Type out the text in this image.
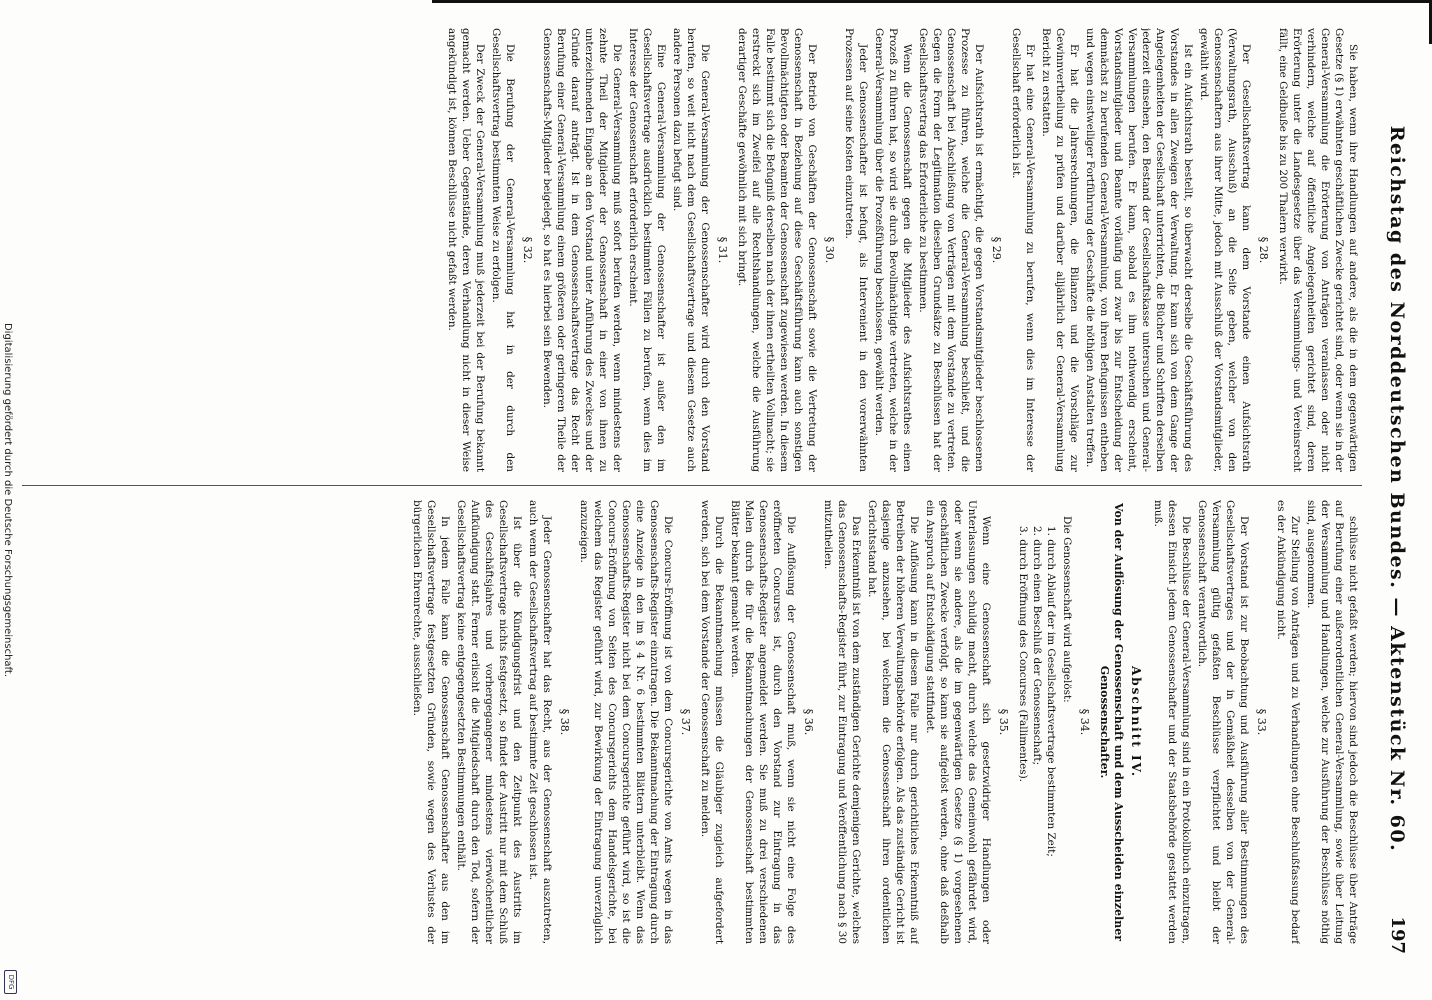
Reichstag des Norddeutschen Bundes. — Aktenstück Nr. 60.
197

Sie haben, wenn ihre Handlungen auf andere, als die in dem gegenwärtigen Gesetze (§ 1) erwähnten geschäftlichen Zwecke gerichtet sind, oder wenn sie in der General-Versammlung die Erörterung von Anträgen veranlassen oder nicht verhindern, welche auf öffentliche Angelegenheiten gerichtet sind, deren Erörterung unter die Landesgesetze über das Versammlungs- und Vereinsrecht fällt, eine Geldbuße bis zu 200 Thalern verwirkt.

§ 28.

Der Gesellschaftsvertrag kann dem Vorstande einen Aufsichtsrath (Verwaltungsrath, Ausschuß) an die Seite geben, welcher von den Genossenschaftern aus ihrer Mitte, jedoch mit Ausschluß der Vorstandsmitglieder, gewählt wird.

Ist ein Aufsichtsrath bestellt, so überwacht derselbe die Geschäftsführung des Vorstandes in allen Zweigen der Verwaltung. Er kann sich von dem Gange der Angelegenheiten der Gesellschaft unterrichten, die Bücher und Schriften derselben jederzeit einsehen, den Bestand der Gesellschaftskasse untersuchen und General-Versammlungen berufen. Er kann, sobald es ihm nothwendig erscheint, Vorstandsmitglieder und Beamte vorläufig und zwar bis zur Entscheidung der demnächst zu berufenden General-Versammlung, von ihren Befugnissen entheben und wegen einstweiliger Fortführung der Geschäfte die nöthigen Anstalten treffen.

Er hat die Jahresrechnungen, die Bilanzen und die Vorschläge zur Gewinnvertheilung zu prüfen und darüber alljährlich der General-Versammlung Bericht zu erstatten.

Er hat eine General-Versammlung zu berufen, wenn dies im Interesse der Gesellschaft erforderlich ist.

§ 29.

Der Aufsichtsrath ist ermächtigt, die gegen Vorstandsmitglieder beschlossenen Prozesse zu führen, welche die General-Versammlung beschließt, und die Genossenschaft bei Abschließung von Verträgen mit dem Vorstande zu vertreten. Gegen die Form der Legitimation dieselben Grundsätze zu Beschlüssen hat der Gesellschaftsvertrag das Erforderliche zu bestimmen.

Wenn die Genossenschaft gegen die Mitglieder des Aufsichtsrathes einen Prozeß zu führen hat, so wird sie durch Bevollmächtigte vertreten, welche in der General-Versammlung über die Prozeßführung beschlossen, gewählt werden.

Jeder Genossenschafter ist befugt, als Intervenient in den vorerwähnten Prozessen auf seine Kosten einzutreten.

§ 30.

Der Betrieb von Geschäften der Genossenschaft sowie die Vertretung der Genossenschaft in Beziehung auf diese Geschäftsführung kann auch sonstigen Bevollmächtigten oder Beamten der Genossenschaft zugewiesen werden. In diesem Falle bestimmt sich die Befugniß derselben nach der ihnen ertheilten Vollmacht; sie erstreckt sich im Zweifel auf alle Rechtshandlungen, welche die Ausführung derartiger Geschäfte gewöhnlich mit sich bringt.

§ 31.

Die General-Versammlung der Genossenschafter wird durch den Vorstand berufen, so weit nicht nach dem Gesellschaftsvertrage und diesem Gesetze auch andere Personen dazu befugt sind.

Eine General-Versammlung der Genossenschafter ist außer den im Gesellschaftsvertrage ausdrücklich bestimmten Fällen zu berufen, wenn dies im Interesse der Genossenschaft erforderlich erscheint.

Die General-Versammlung muß sofort berufen werden, wenn mindestens der zehnte Theil der Mitglieder der Genossenschaft in einer von ihnen zu unterzeichnenden Eingabe an den Vorstand unter Anführung des Zweckes und der Gründe darauf anträgt. Ist in dem Genossenschaftsvertrage das Recht der Berufung einer General-Versammlung einem größeren oder geringeren Theile der Genossenschafts-Mitglieder beigelegt, so hat es hierbei sein Bewenden.

§ 32.

Die Berufung der General-Versammlung hat in der durch den Gesellschaftsvertrag bestimmten Weise zu erfolgen.

Der Zweck der General-Versammlung muß jederzeit bei der Berufung bekannt gemacht werden. Ueber Gegenstände, deren Verhandlung nicht in dieser Weise angekündigt ist, können Beschlüsse nicht gefaßt werden.

schlüsse nicht gefaßt werden; hiervon sind jedoch die Beschlüsse über Anträge auf Berufung einer außerordentlichen General-Versammlung, sowie über Leitung der Versammlung und Handlungen, welche zur Ausführung der Beschlüsse nöthig sind, ausgenommen.

Zur Stellung von Anträgen und zu Verhandlungen ohne Beschlußfassung bedarf es der Ankündigung nicht.

§ 33.

Der Vorstand ist zur Beobachtung und Ausführung aller Bestimmungen des Gesellschaftsvertrages und der in Gemäßheit desselben von der General-Versammlung gültig gefaßten Beschlüsse verpflichtet und bleibt der Genossenschaft verantwortlich.

Die Beschlüsse der General-Versammlung sind in ein Protokollbuch einzutragen, dessen Einsicht jedem Genossenschafter und der Staatsbehörde gestattet werden muß.

Abschnitt IV.
Von der Auflösung der Genossenschaft und dem Ausscheiden einzelner Genossenschafter.
§ 34.

Die Genossenschaft wird aufgelöst:

1. durch Ablauf der im Gesellschaftsvertrage bestimmten Zeit;
2. durch einen Beschluß der Genossenschaft;
3. durch Eröffnung des Concurses (Fallimentes).
§ 35.

Wenn eine Genossenschaft sich gesetzwidriger Handlungen oder Unterlassungen schuldig macht, durch welche das Gemeinwohl gefährdet wird, oder wenn sie andere, als die im gegenwärtigen Gesetze (§ 1) vorgesehenen geschäftlichen Zwecke verfolgt, so kann sie aufgelöst werden, ohne daß deßhalb ein Anspruch auf Entschädigung stattfindet.

Die Auflösung kann in diesem Falle nur durch gerichtliches Erkenntniß auf Betreiben der höheren Verwaltungsbehörde erfolgen. Als das zuständige Gericht ist dasjenige anzusehen, bei welchem die Genossenschaft ihren ordentlichen Gerichtsstand hat.

Das Erkenntniß ist von dem zuständigen Gerichte demjenigen Gerichte, welches das Genossenschafts-Register führt, zur Eintragung und Veröffentlichung nach § 30 mitzutheilen.

§ 36.

Die Auflösung der Genossenschaft muß, wenn sie nicht eine Folge des eröffneten Concurses ist, durch den Vorstand zur Eintragung in das Genossenschafts-Register angemeldet werden. Sie muß zu drei verschiedenen Malen durch die für die Bekanntmachungen der Genossenschaft bestimmten Blätter bekannt gemacht werden.

Durch die Bekanntmachung müssen die Gläubiger zugleich aufgefordert werden, sich bei dem Vorstande der Genossenschaft zu melden.

§ 37.

Die Concurs-Eröffnung ist von dem Concursgerichte von Amts wegen in das Genossenschafts-Register einzutragen. Die Bekanntmachung der Eintragung durch eine Anzeige in den im § 4 Nr. 6 bestimmten Blättern unterbleibt. Wenn das Genossenschafts-Register nicht bei dem Concursgerichte geführt wird, so ist die Concurs-Eröffnung von Seiten des Concursgerichts dem Handelsgerichte, bei welchem das Register geführt wird, zur Bewirkung der Eintragung unverzüglich anzuzeigen.

§ 38.

Jeder Genossenschafter hat das Recht, aus der Genossenschaft auszutreten, auch wenn der Gesellschaftsvertrag auf bestimmte Zeit geschlossen ist.

Ist über die Kündigungsfrist und den Zeitpunkt des Austritts im Gesellschaftsvertrage nichts festgesetzt, so findet der Austritt nur mit dem Schluß des Geschäftsjahres und vorhergegangener mindestens vierwöchentlicher Aufkündigung statt. Ferner erlischt die Mitgliedschaft durch den Tod, sofern der Gesellschaftsvertrag keine entgegengesetzten Bestimmungen enthält.

In jedem Falle kann die Genossenschaft Genossenschafter aus den im Gesellschaftsvertrage festgesetzten Gründen, sowie wegen des Verlustes der bürgerlichen Ehrenrechte, ausschließen.

Digitalisierung gefördert durch die Deutsche Forschungsgemeinschaft.
DFG
